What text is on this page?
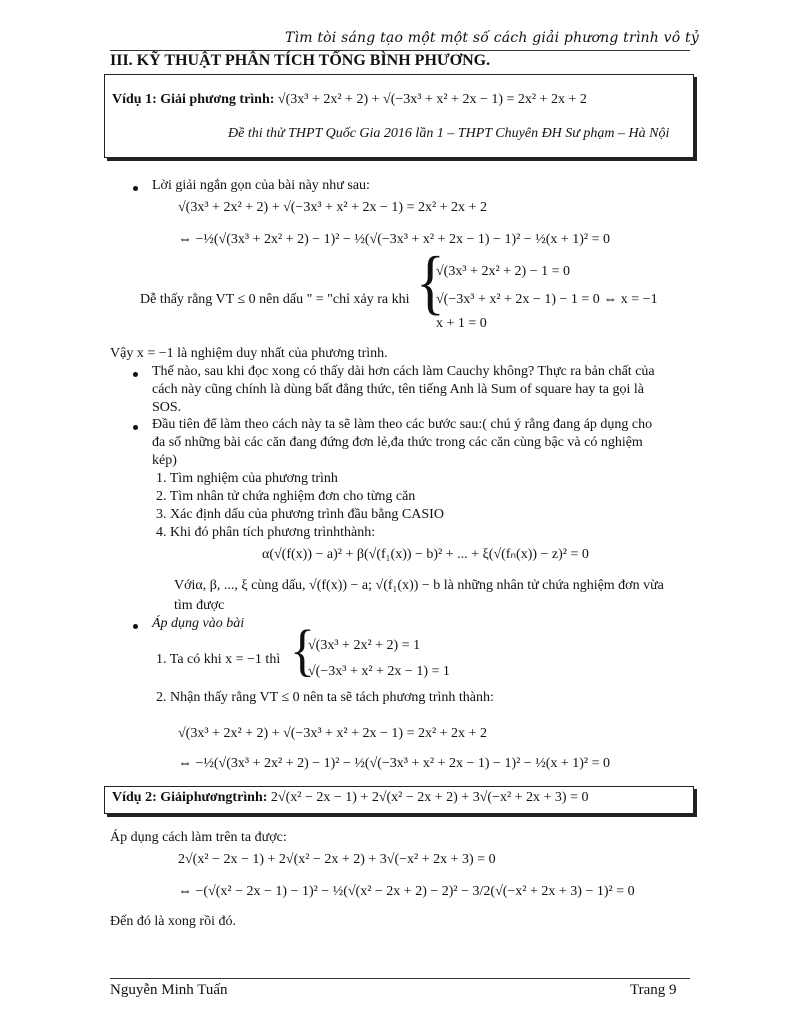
Tìm tòi sáng tạo một một số cách giải phương trình vô tỷ
III. KỸ THUẬT PHÂN TÍCH TỔNG BÌNH PHƯƠNG.
Vídụ 1: Giải phương trình: √(3x³ + 2x² + 2) + √(−3x³ + x² + 2x − 1) = 2x² + 2x + 2
Đề thi thử THPT Quốc Gia 2016 lần 1 – THPT Chuyên ĐH Sư phạm – Hà Nội
Lời giải ngắn gọn của bài này như sau:
√(3x³ + 2x² + 2) + √(−3x³ + x² + 2x − 1) = 2x² + 2x + 2
⇔ −½(√(3x³ + 2x² + 2) − 1)² − ½(√(−3x³ + x² + 2x − 1) − 1)² − ½(x + 1)² = 0
Dễ thấy rằng VT ≤ 0 nên dấu " = "chỉ xảy ra khi {
√(3x³ + 2x² + 2) − 1 = 0
√(−3x³ + x² + 2x − 1) − 1 = 0 ⇔ x = −1
x + 1 = 0
Vậy x = −1 là nghiệm duy nhất của phương trình.
Thế nào, sau khi đọc xong có thấy dài hơn cách làm Cauchy không? Thực ra bản chất của
cách này cũng chính là dùng bất đẳng thức, tên tiếng Anh là Sum of square hay ta gọi là
SOS.
Đầu tiên để làm theo cách này ta sẽ làm theo các bước sau:( chú ý rằng đang áp dụng cho
đa số những bài các căn đang đứng đơn lẻ,đa thức trong các căn cùng bậc và có nghiệm
kép)
1. Tìm nghiệm của phương trình
2. Tìm nhân tử chứa nghiệm đơn cho từng căn
3. Xác định dấu của phương trình đầu bằng CASIO
4. Khi đó phân tích phương trìnhthành:
α(√(f(x)) − a)² + β(√(f₁(x)) − b)² + ... + ξ(√(fₙ(x)) − z)² = 0
Vớiα, β, ..., ξ cùng dấu, √(f(x)) − a; √(f₁(x)) − b là những nhân tử chứa nghiệm đơn vừa
tìm được
Áp dụng vào bài
1. Ta có khi x = −1 thì {
√(3x³ + 2x² + 2) = 1
√(−3x³ + x² + 2x − 1) = 1
2. Nhận thấy rằng VT ≤ 0 nên ta sẽ tách phương trình thành:
√(3x³ + 2x² + 2) + √(−3x³ + x² + 2x − 1) = 2x² + 2x + 2
⇔ −½(√(3x³ + 2x² + 2) − 1)² − ½(√(−3x³ + x² + 2x − 1) − 1)² − ½(x + 1)² = 0
Vídụ 2: Giảiphươngtrình: 2√(x² − 2x − 1) + 2√(x² − 2x + 2) + 3√(−x² + 2x + 3) = 0
Áp dụng cách làm trên ta được:
2√(x² − 2x − 1) + 2√(x² − 2x + 2) + 3√(−x² + 2x + 3) = 0
⇔ −(√(x² − 2x − 1) − 1)² − ½(√(x² − 2x + 2) − 2)² − 3/2(√(−x² + 2x + 3) − 1)² = 0
Đến đó là xong rồi đó.
Nguyễn Minh Tuấn	Trang 9
